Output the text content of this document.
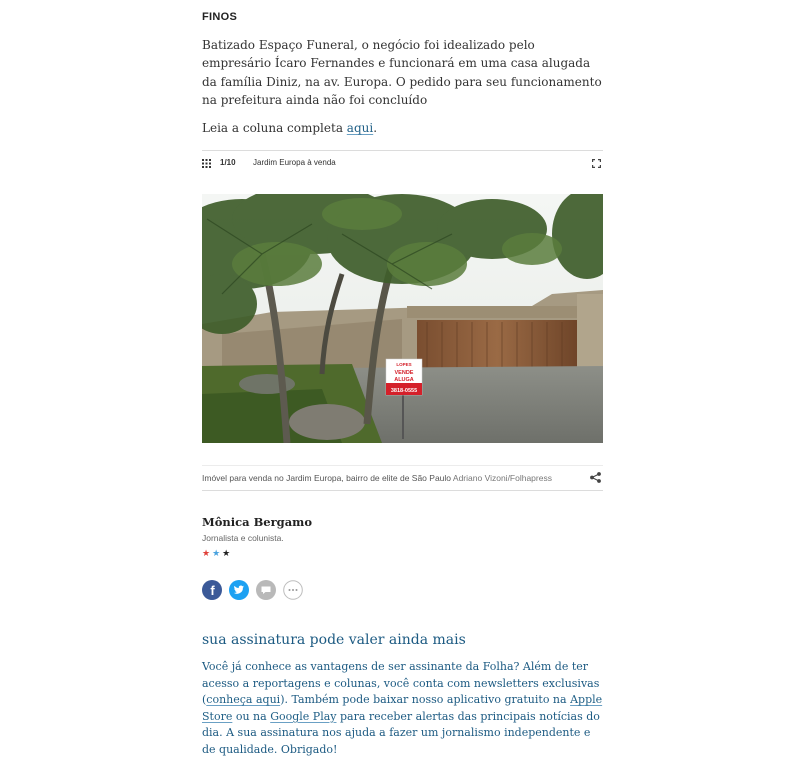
FINOS
Batizado Espaço Funeral, o negócio foi idealizado pelo empresário Ícaro Fernandes e funcionará em uma casa alugada da família Diniz, na av. Europa. O pedido para seu funcionamento na prefeitura ainda não foi concluído
Leia a coluna completa aqui.
1/10 Jardim Europa à venda
LOPES
VENDE
ALUGA
3818-0555
Imóvel para venda no Jardim Europa, bairro de elite de São Paulo Adriano Vizoni/Folhapress
Mônica Bergamo
Jornalista e colunista.
★★★
f
sua assinatura pode valer ainda mais
Você já conhece as vantagens de ser assinante da Folha? Além de ter acesso a reportagens e colunas, você conta com newsletters exclusivas (conheça aqui). Também pode baixar nosso aplicativo gratuito na Apple Store ou na Google Play para receber alertas das principais notícias do dia. A sua assinatura nos ajuda a fazer um jornalismo independente e de qualidade. Obrigado!
